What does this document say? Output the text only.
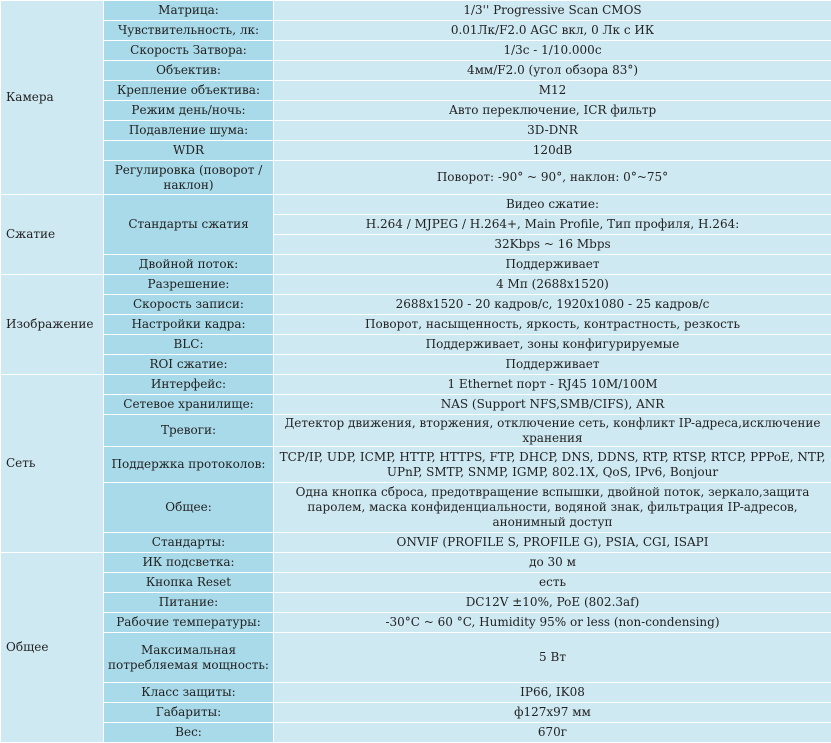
Камера	Матрица:	1/3'' Progressive Scan CMOS
	Чувствительность, лк:	0.01Лк/F2.0 AGC вкл, 0 Лк с ИК
	Скорость Затвора:	1/3с - 1/10.000с
	Объектив:	4мм/F2.0 (угол обзора 83°)
	Крепление объектива:	M12
	Режим день/ночь:	Авто переключение, ICR фильтр
	Подавление шума:	3D-DNR
	WDR	120dB
	Регулировка (поворот / наклон)	Поворот: -90° ~ 90°, наклон: 0°~75°
Сжатие	Стандарты сжатия	Видео сжатие:
		H.264 / MJPEG / H.264+, Main Profile, Тип профиля, H.264:
		32Kbps ~ 16 Mbps
	Двойной поток:	Поддерживает
Изображение	Разрешение:	4 Мп (2688x1520)
	Скорость записи:	2688x1520 - 20 кадров/с, 1920x1080 - 25 кадров/с
	Настройки кадра:	Поворот, насыщенность, яркость, контрастность, резкость
	BLC:	Поддерживает, зоны конфигурируемые
	ROI сжатие:	Поддерживает
Сеть	Интерфейс:	1 Ethernet порт - RJ45 10M/100M
	Сетевое хранилище:	NAS (Support NFS,SMB/CIFS), ANR
	Тревоги:	Детектор движения, вторжения, отключение сеть, конфликт IP-адреса,исключение хранения
	Поддержка протоколов:	TCP/IP, UDP, ICMP, HTTP, HTTPS, FTP, DHCP, DNS, DDNS, RTP, RTSP, RTCP, PPPoE, NTP, UPnP, SMTP, SNMP, IGMP, 802.1X, QoS, IPv6, Bonjour
	Общее:	Одна кнопка сброса, предотвращение вспышки, двойной поток, зеркало,защита паролем, маска конфиденциальности, водяной знак, фильтрация IP-адресов, анонимный доступ
	Стандарты:	ONVIF (PROFILE S, PROFILE G), PSIA, CGI, ISAPI
Общее	ИК подсветка:	до 30 м
	Кнопка Reset	есть
	Питание:	DC12V ±10%, PoE (802.3af)
	Рабочие температуры:	-30°C ~ 60 °C, Humidity 95% or less (non-condensing)
	Максимальная потребляемая мощность:	5 Вт
	Класс защиты:	IP66, IK08
	Габариты:	ф127x97 мм
	Вес:	670г
